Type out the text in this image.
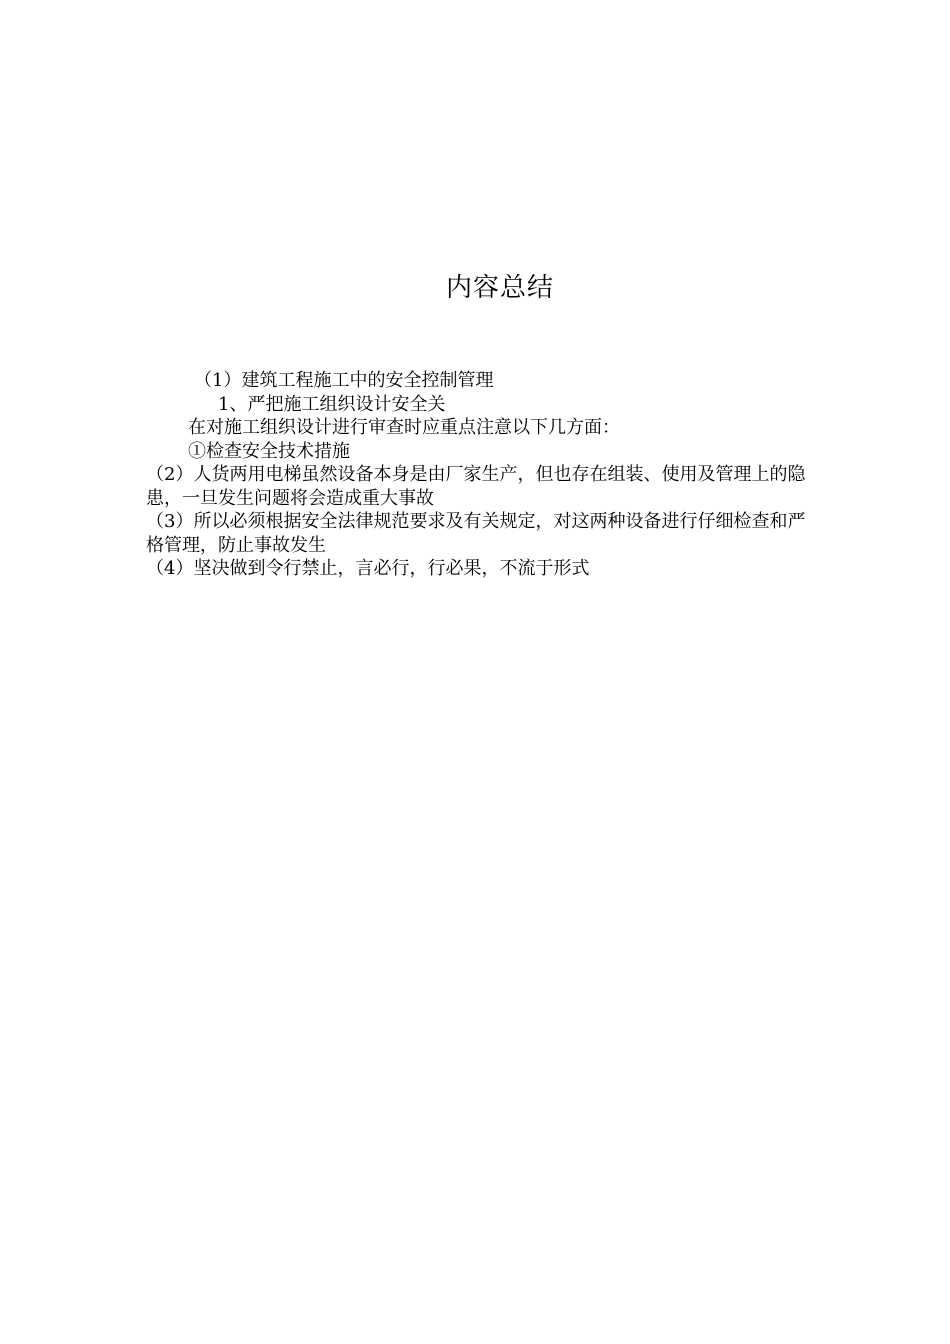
内容总结
（1）建筑工程施工中的安全控制管理
1、严把施工组织设计安全关
在对施工组织设计进行审查时应重点注意以下几方面：
①检查安全技术措施
（2）人货两用电梯虽然设备本身是由厂家生产，但也存在组装、使用及管理上的隐患，一旦发生问题将会造成重大事故
（3）所以必须根据安全法律规范要求及有关规定，对这两种设备进行仔细检查和严格管理，防止事故发生
（4）坚决做到令行禁止，言必行，行必果，不流于形式
